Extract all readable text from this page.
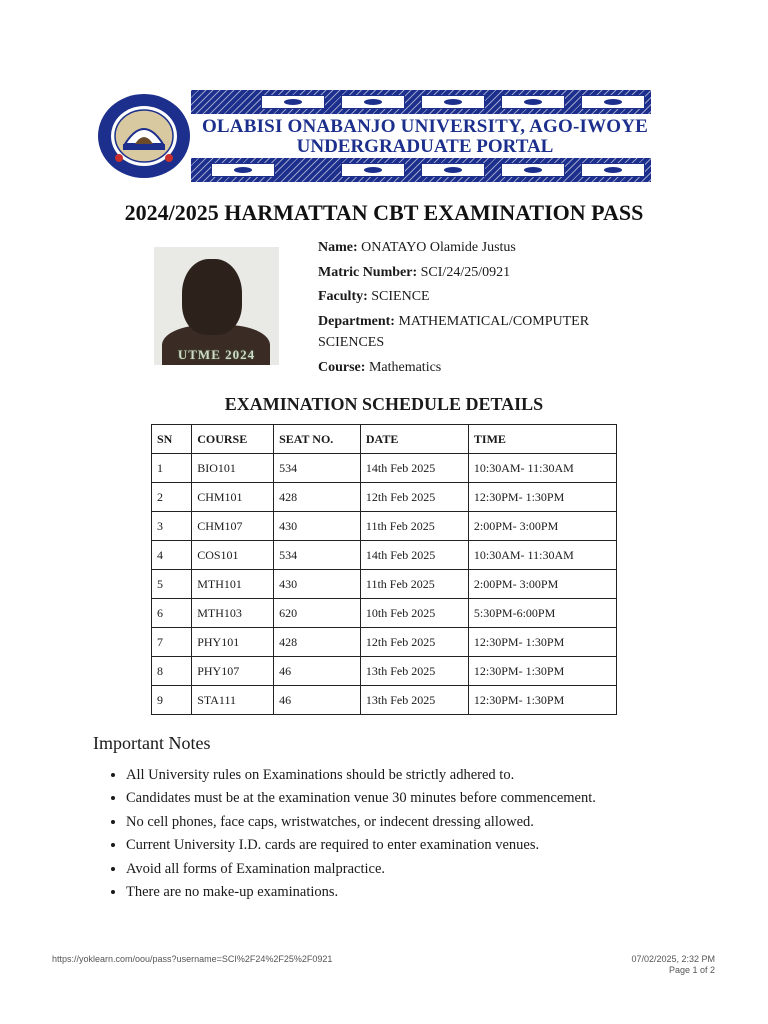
OLABISI ONABANJO UNIVERSITY, AGO-IWOYE
UNDERGRADUATE PORTAL
2024/2025 HARMATTAN CBT EXAMINATION PASS
UTME 2024
Name: ONATAYO Olamide Justus
Matric Number: SCI/24/25/0921
Faculty: SCIENCE
Department: MATHEMATICAL/COMPUTER SCIENCES
Course: Mathematics
EXAMINATION SCHEDULE DETAILS
SN	COURSE	SEAT NO.	DATE	TIME
1	BIO101	534	14th Feb 2025	10:30AM- 11:30AM
2	CHM101	428	12th Feb 2025	12:30PM- 1:30PM
3	CHM107	430	11th Feb 2025	2:00PM- 3:00PM
4	COS101	534	14th Feb 2025	10:30AM- 11:30AM
5	MTH101	430	11th Feb 2025	2:00PM- 3:00PM
6	MTH103	620	10th Feb 2025	5:30PM-6:00PM
7	PHY101	428	12th Feb 2025	12:30PM- 1:30PM
8	PHY107	46	13th Feb 2025	12:30PM- 1:30PM
9	STA111	46	13th Feb 2025	12:30PM- 1:30PM
Important Notes
• All University rules on Examinations should be strictly adhered to.
• Candidates must be at the examination venue 30 minutes before commencement.
• No cell phones, face caps, wristwatches, or indecent dressing allowed.
• Current University I.D. cards are required to enter examination venues.
• Avoid all forms of Examination malpractice.
• There are no make-up examinations.
https://yoklearn.com/oou/pass?username=SCI%2F24%2F25%2F0921	07/02/2025, 2:32 PM
Page 1 of 2
